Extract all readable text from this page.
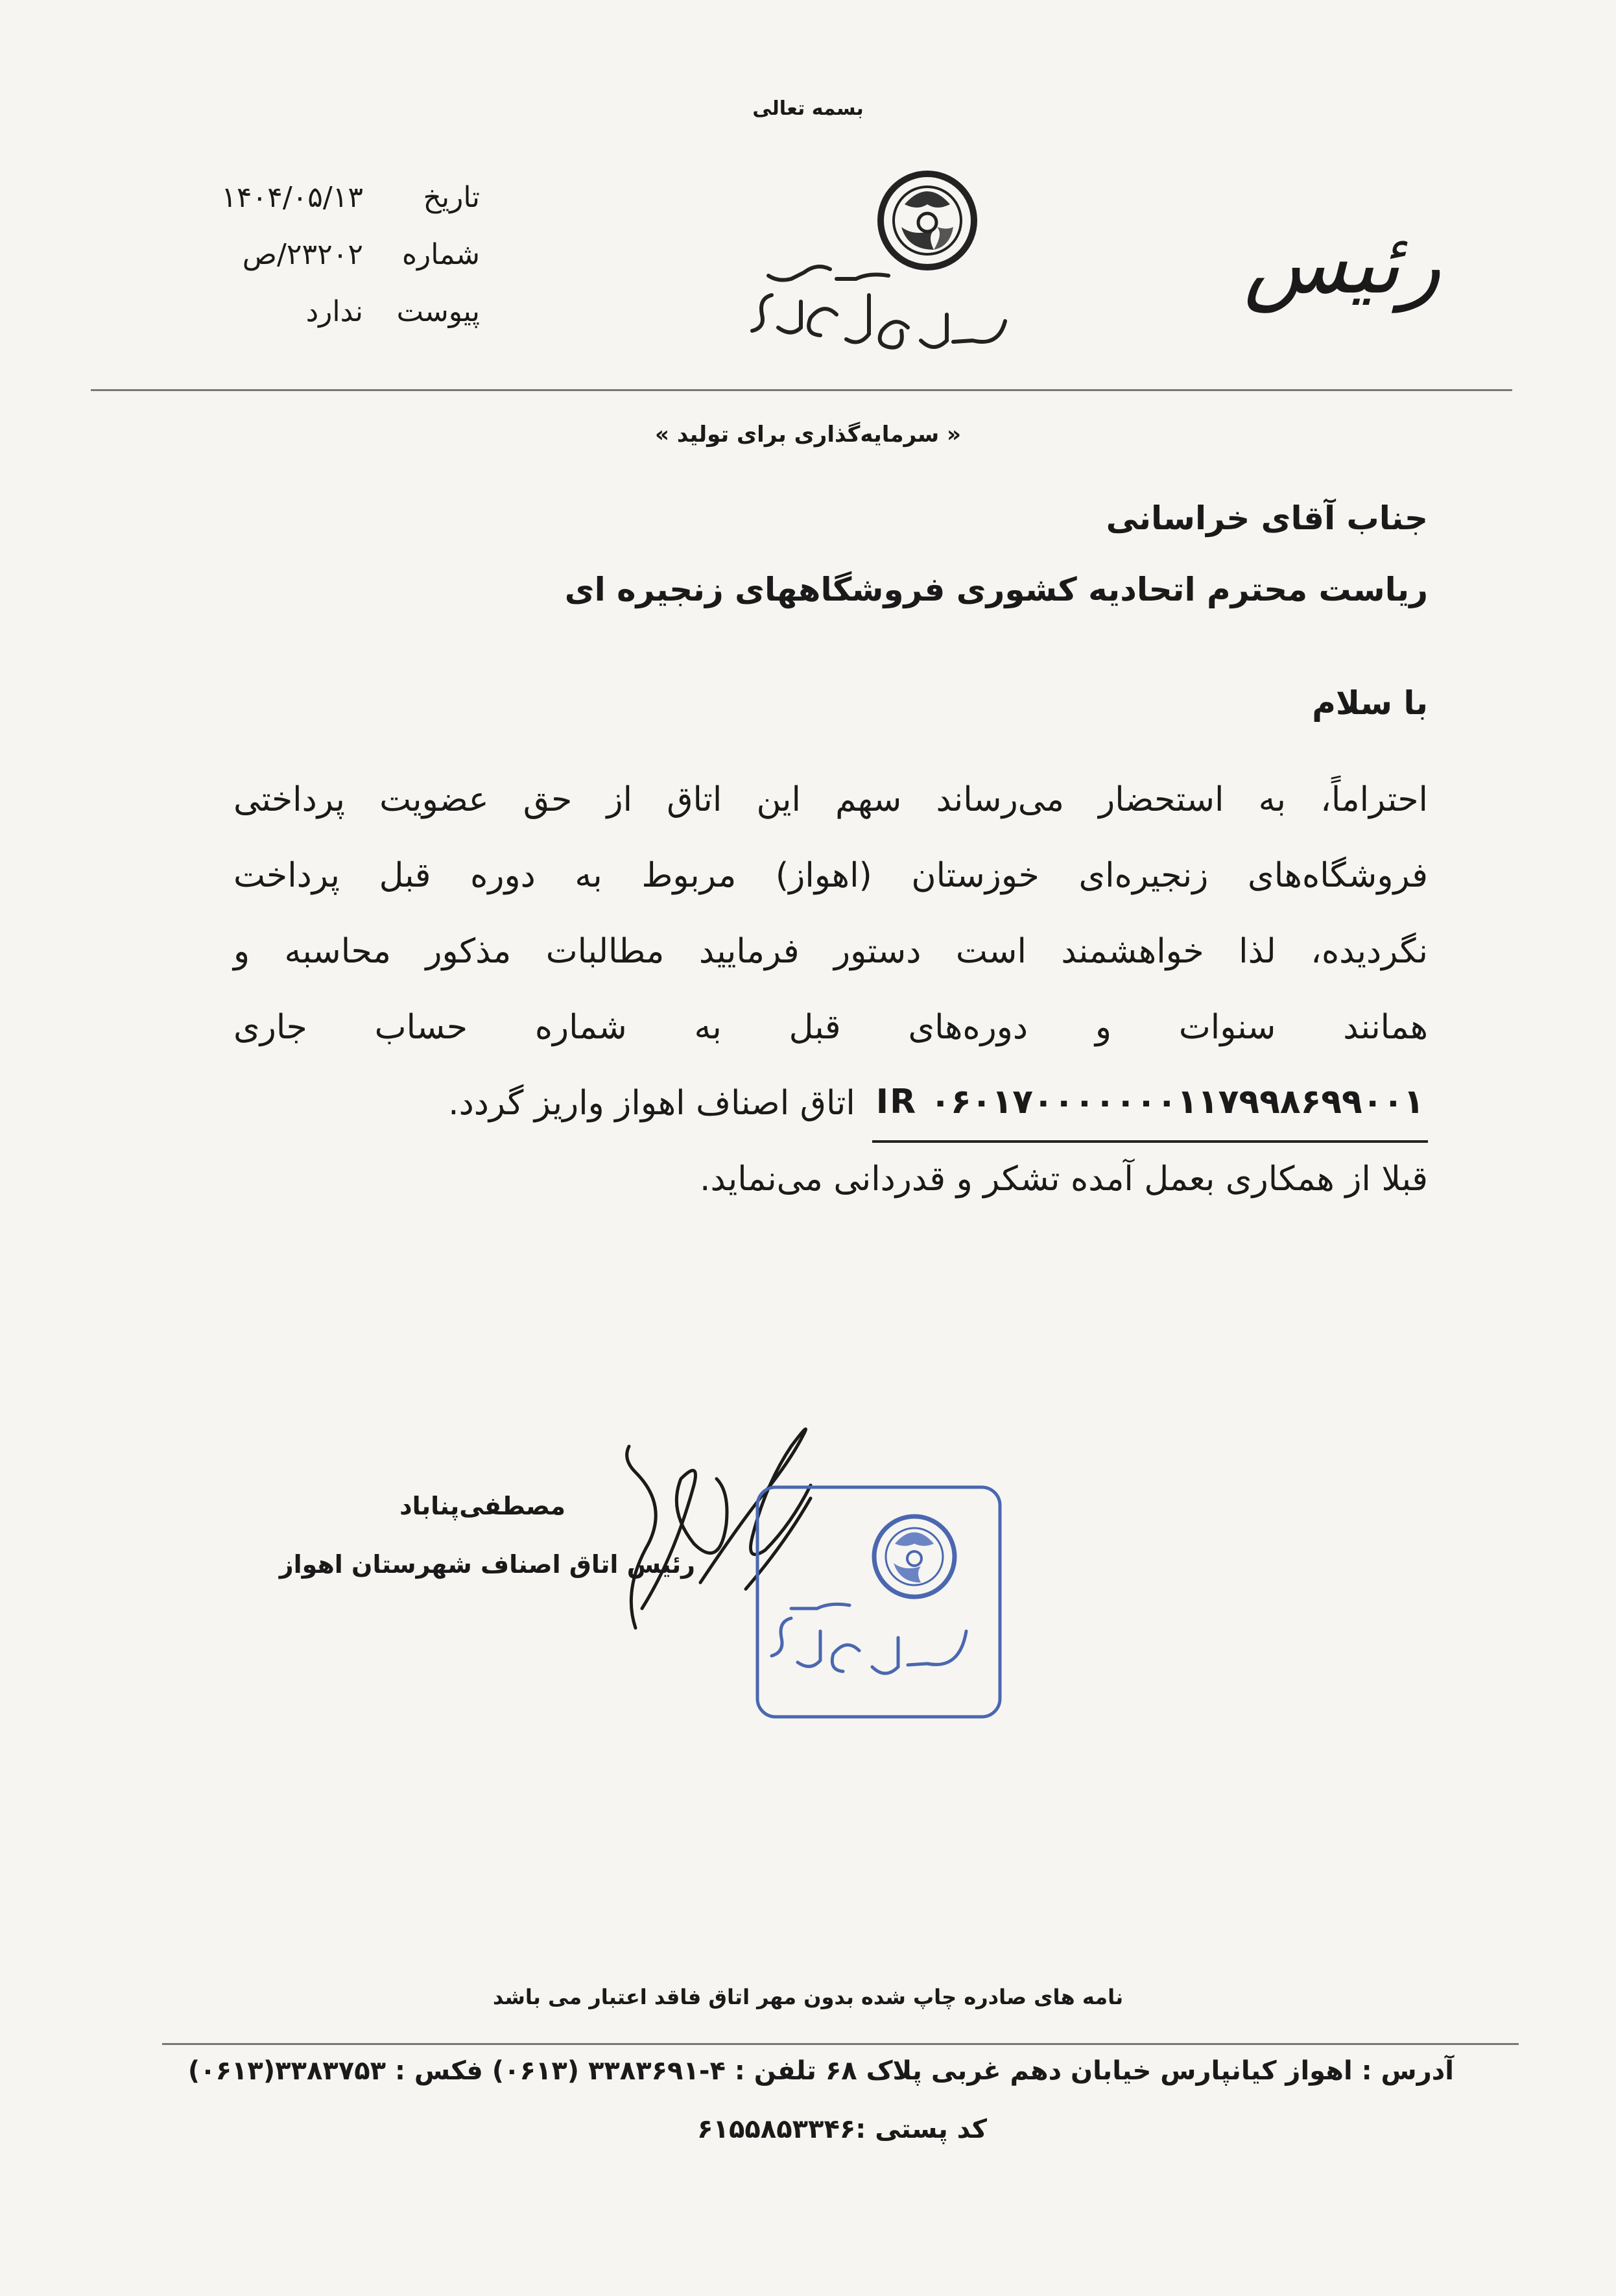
بسمه تعالی
تاریخ
۱۴۰۴/۰۵/۱۳
شماره
۲۳۲۰۲/ص
پیوست
ندارد	رئیس
« سرمایه‌گذاری برای تولید »
جناب آقای خراسانی
ریاست محترم اتحادیه کشوری فروشگاههای زنجیره ای
با سلام
احتراماً، به استحضار می‌رساند سهم این اتاق از حق عضویت پرداختی
فروشگاه‌های زنجیره‌ای خوزستان (اهواز) مربوط به دوره قبل پرداخت
نگردیده، لذا خواهشمند است دستور فرمایید مطالبات مذکور محاسبه و
همانند سنوات و دوره‌های قبل به شماره حساب جاری
IR ۰۶۰۱۷۰۰۰۰۰۰۰۱۱۷۹۹۸۶۹۹۰۰۱
اتاق اصناف اهواز واریز گردد.
قبلا از همکاری بعمل آمده تشکر و قدردانی می‌نماید.
مصطفی‌پناباد
رئیس اتاق اصناف شهرستان اهواز
نامه های صادره چاپ شده بدون مهر اتاق فاقد اعتبار می باشد
آدرس : اهواز کیانپارس خیابان دهم غربی پلاک ۶۸ تلفن : ۴-۳۳۸۳۶۹۱ (۰۶۱۳) فکس : ۳۳۸۳۷۵۳(۰۶۱۳)
کد پستی :۶۱۵۵۸۵۳۳۴۶
